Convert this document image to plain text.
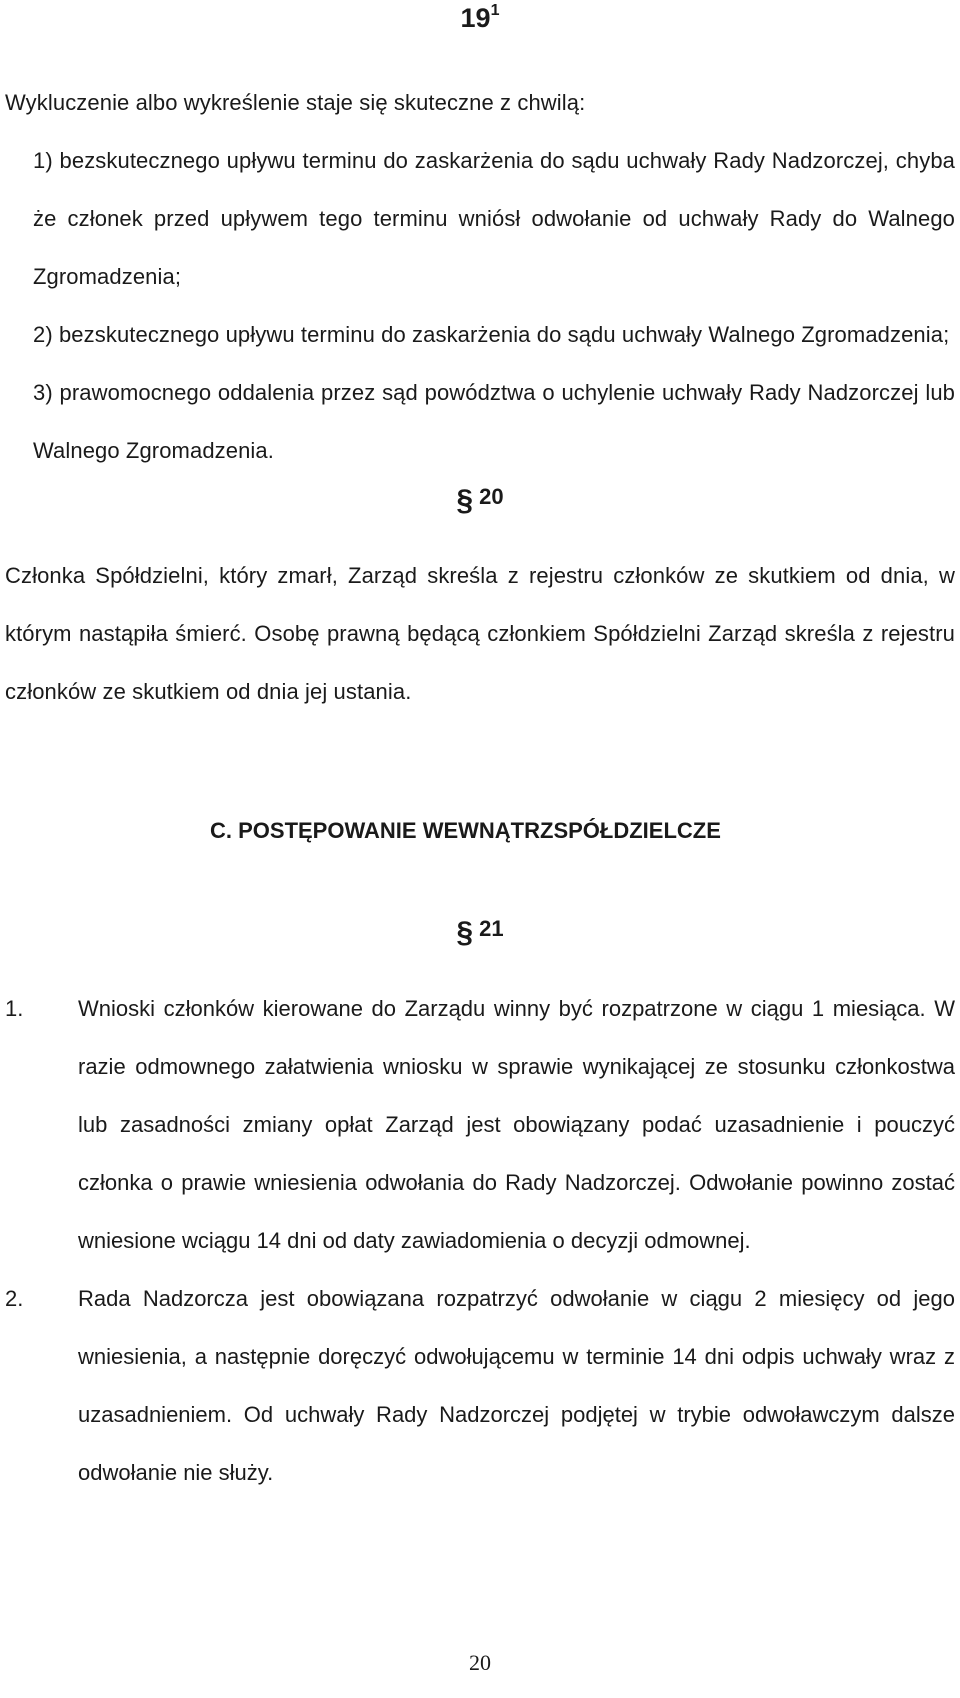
$19^1$

Wykluczenie albo wykreślenie staje się skuteczne z chwilą:

1) bezskutecznego upływu terminu do zaskarżenia do sądu uchwały Rady Nadzorczej, chyba że członek przed upływem tego terminu wniósł odwołanie od uchwały Rady do Walnego Zgromadzenia;

2) bezskutecznego upływu terminu do zaskarżenia do sądu uchwały Walnego Zgromadzenia;

3) prawomocnego oddalenia przez sąd powództwa o uchylenie uchwały Rady Nadzorczej lub Walnego Zgromadzenia.

§ 20

Członka Spółdzielni, który zmarł, Zarząd skreśla z rejestru członków ze skutkiem od dnia, w którym nastąpiła śmierć. Osobę prawną będącą członkiem Spółdzielni Zarząd skreśla z rejestru członków ze skutkiem od dnia jej ustania.

C. POSTĘPOWANIE WEWNĄTRZSPÓŁDZIELCZE
§ 21
1.	Wnioski członków kierowane do Zarządu winny być rozpatrzone w ciągu 1 miesiąca. W razie odmownego załatwienia wniosku w sprawie wynikającej ze stosunku członkostwa lub zasadności zmiany opłat Zarząd jest obowiązany podać uzasadnienie i pouczyć członka o prawie wniesienia odwołania do Rady Nadzorczej. Odwołanie powinno zostać wniesione wciągu 14 dni od daty zawiadomienia o decyzji odmownej.
2.	Rada Nadzorcza jest obowiązana rozpatrzyć odwołanie w ciągu 2 miesięcy od jego wniesienia, a następnie doręczyć odwołującemu w terminie 14 dni odpis uchwały wraz z uzasadnieniem. Od uchwały Rady Nadzorczej podjętej w trybie odwoławczym dalsze odwołanie nie służy.
20
